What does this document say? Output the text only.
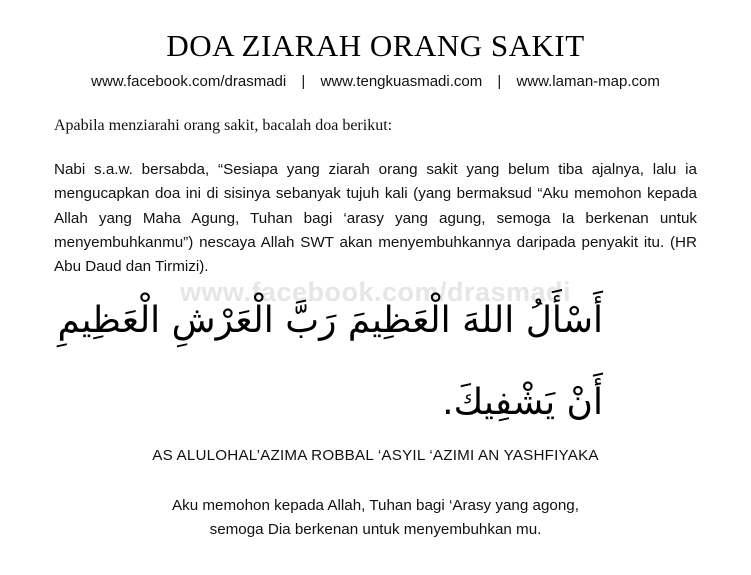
DOA ZIARAH ORANG SAKIT
www.facebook.com/drasmadi | www.tengkuasmadi.com | www.laman-map.com
Apabila menziarahi orang sakit, bacalah doa berikut:
Nabi s.a.w. bersabda, “Sesiapa yang ziarah orang sakit yang belum tiba ajalnya, lalu ia mengucapkan doa ini di sisinya sebanyak tujuh kali (yang bermaksud “Aku memohon kepada Allah yang Maha Agung, Tuhan bagi ‘arasy yang agung, semoga Ia berkenan untuk menyembuhkanmu”) nescaya Allah SWT akan menyembuhkannya daripada penyakit itu. (HR Abu Daud dan Tirmizi).
www.facebook.com/drasmadi
أَسْأَلُ اللهَ الْعَظِيمَ رَبَّ الْعَرْشِ الْعَظِيمِ
أَنْ يَشْفِيكَ.
AS ALULOHAL’AZIMA ROBBAL ‘ASYIL ‘AZIMI AN YASHFIYAKA
Aku memohon kepada Allah, Tuhan bagi ‘Arasy yang agong,
semoga Dia berkenan untuk menyembuhkan mu.
